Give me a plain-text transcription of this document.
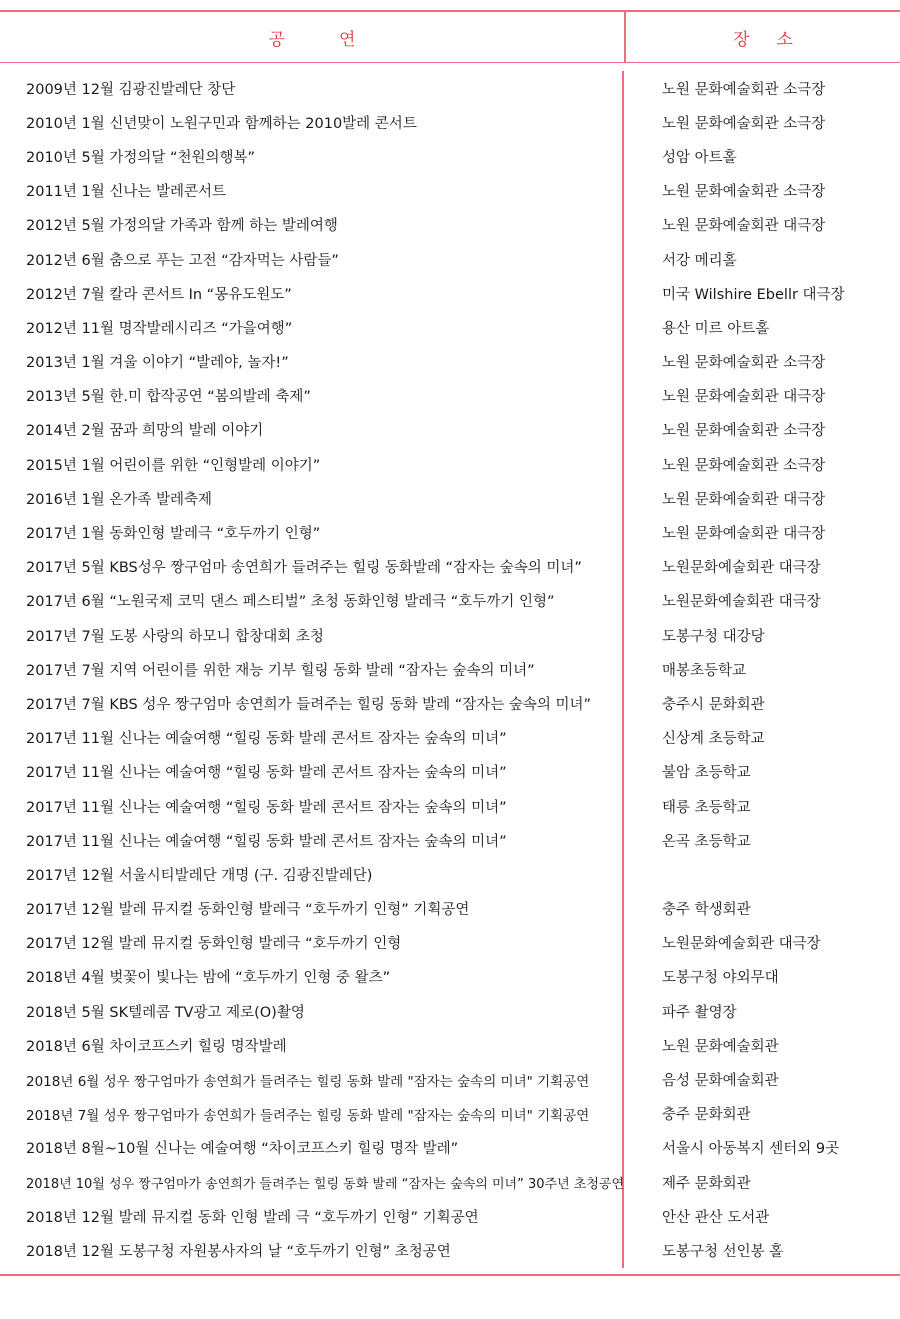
공          연	장     소
2009년 12월 김광진발레단 창단
2010년 1월 신년맞이 노원구민과 함께하는 2010발레 콘서트
2010년 5월 가정의달 “천원의행복”
2011년 1월 신나는 발레콘서트
2012년 5월 가정의달 가족과 함께 하는 발레여행
2012년 6월 춤으로 푸는 고전 “감자먹는 사람들”
2012년 7월 칼라 콘서트 In “몽유도원도”
2012년 11월 명작발레시리즈 “가을여행”
2013년 1월 겨울 이야기 “발레야, 놀자!”
2013년 5월 한.미 합작공연 “봄의발레 축제”
2014년 2월 꿈과 희망의 발레 이야기
2015년 1월 어린이를 위한 “인형발레 이야기”
2016년 1월 온가족 발레축제
2017년 1월 동화인형 발레극 “호두까기 인형”
2017년 5월 KBS성우 짱구엄마 송연희가 들려주는 힐링 동화발레 “잠자는 숲속의 미녀”
2017년 6월 “노원국제 코믹 댄스 페스티벌” 초청 동화인형 발레극 “호두까기 인형”
2017년 7월 도봉 사랑의 하모니 합창대회 초청
2017년 7월 지역 어린이를 위한 재능 기부 힐링 동화 발레 “잠자는 숲속의 미녀”
2017년 7월 KBS 성우 짱구엄마 송연희가 들려주는 힐링 동화 발레 “잠자는 숲속의 미녀”
2017년 11월 신나는 예술여행 “힐링 동화 발레 콘서트 잠자는 숲속의 미녀”
2017년 11월 신나는 예술여행 “힐링 동화 발레 콘서트 잠자는 숲속의 미녀”
2017년 11월 신나는 예술여행 “힐링 동화 발레 콘서트 잠자는 숲속의 미녀”
2017년 11월 신나는 예술여행 “힐링 동화 발레 콘서트 잠자는 숲속의 미녀”
2017년 12월 서울시티발레단 개명 (구. 김광진발레단)
2017년 12월 발레 뮤지컬 동화인형 발레극 “호두까기 인형” 기획공연
2017년 12월 발레 뮤지컬 동화인형 발레극 “호두까기 인형
2018년 4월 벚꽃이 빛나는 밤에 “호두까기 인형 중 왈츠”
2018년 5월 SK텔레콤 TV광고 제로(O)촬영
2018년 6월 차이코프스키 힐링 명작발레
2018년 6월 성우 짱구엄마가 송연희가 들려주는 힐링 동화 발레 "잠자는 숲속의 미녀" 기획공연
2018년 7월 성우 짱구엄마가 송연희가 들려주는 힐링 동화 발레 "잠자는 숲속의 미녀" 기획공연
2018년 8월~10월 신나는 예술여행 “차이코프스키 힐링 명작 발레”
2018년 10월 성우 짱구엄마가 송연희가 들려주는 힐링 동화 발레 “잠자는 숲속의 미녀” 30주년 초청공연
2018년 12월 발레 뮤지컬 동화 인형 발레 극 “호두까기 인형” 기획공연
2018년 12월 도봉구청 자원봉사자의 날 “호두까기 인형” 초청공연
노원 문화예술회관 소극장
노원 문화예술회관 소극장
성암 아트홀
노원 문화예술회관 소극장
노원 문화예술회관 대극장
서강 메리홀
미국 Wilshire Ebellr 대극장
용산 미르 아트홀
노원 문화예술회관 소극장
노원 문화예술회관 대극장
노원 문화예술회관 소극장
노원 문화예술회관 소극장
노원 문화예술회관 대극장
노원 문화예술회관 대극장
노원문화예술회관 대극장
노원문화예술회관 대극장
도봉구청 대강당
매봉초등학교
충주시 문화회관
신상계 초등학교
불암 초등학교
태릉 초등학교
온곡 초등학교
충주 학생회관
노원문화예술회관 대극장
도봉구청 야외무대
파주 촬영장
노원 문화예술회관
음성 문화예술회관
충주 문화회관
서울시 아동복지 센터외 9곳
제주 문화회관
안산 관산 도서관
도봉구청 선인봉 홀
